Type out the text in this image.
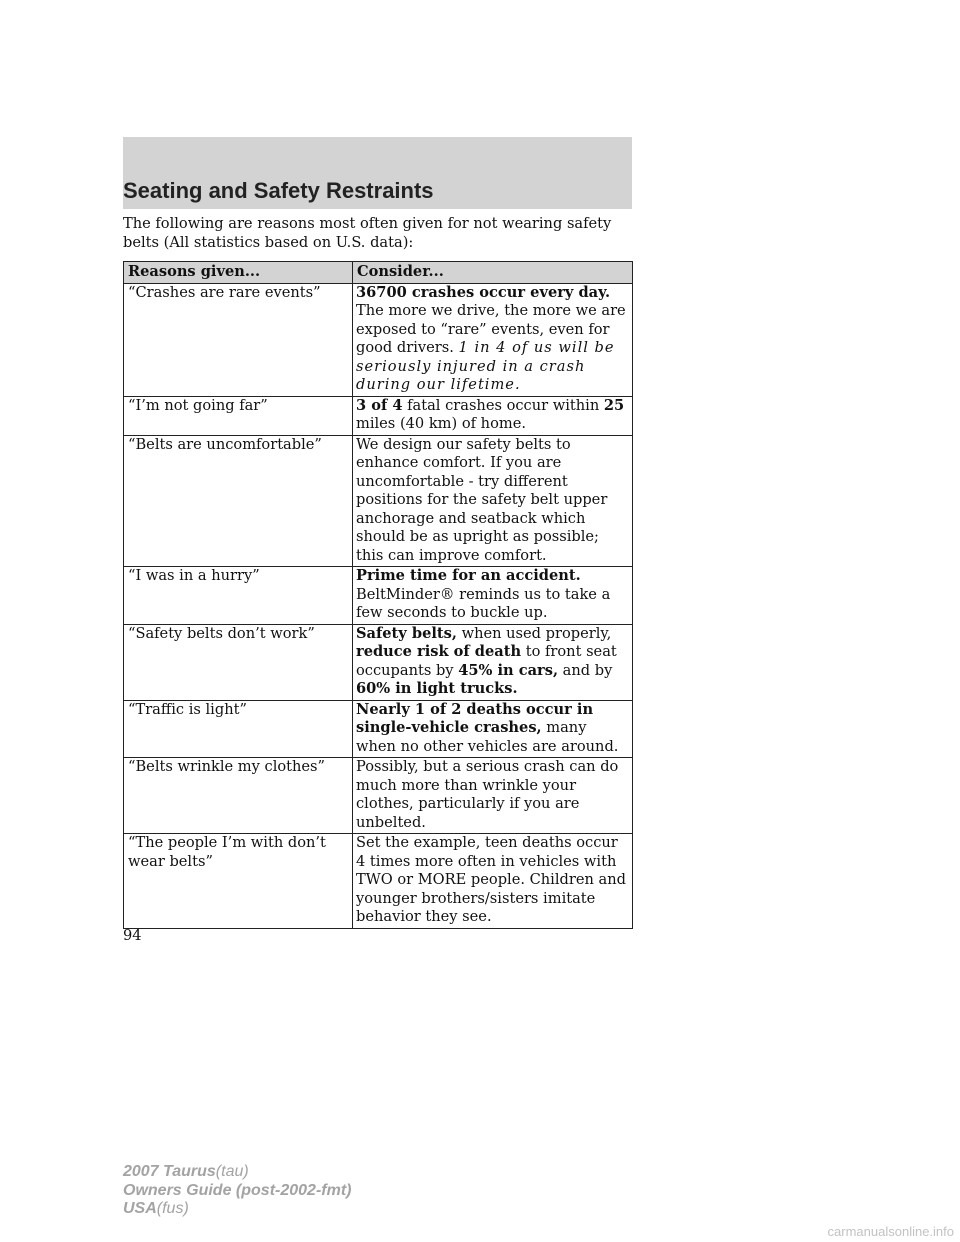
Seating and Safety Restraints

The following are reasons most often given for not wearing safety belts (All statistics based on U.S. data):

Reasons given...	Consider...
“Crashes are rare events”	36700 crashes occur every day. The more we drive, the more we are exposed to “rare” events, even for good drivers. 1 in 4 of us will be seriously injured in a crash during our lifetime.
“I’m not going far”	3 of 4 fatal crashes occur within 25 miles (40 km) of home.
“Belts are uncomfortable”	We design our safety belts to enhance comfort. If you are uncomfortable - try different positions for the safety belt upper anchorage and seatback which should be as upright as possible; this can improve comfort.
“I was in a hurry”	Prime time for an accident. BeltMinder® reminds us to take a few seconds to buckle up.
“Safety belts don’t work”	Safety belts, when used properly, reduce risk of death to front seat occupants by 45% in cars, and by 60% in light trucks.
“Traffic is light”	Nearly 1 of 2 deaths occur in single-vehicle crashes, many when no other vehicles are around.
“Belts wrinkle my clothes”	Possibly, but a serious crash can do much more than wrinkle your clothes, particularly if you are unbelted.
“The people I’m with don’t wear belts”	Set the example, teen deaths occur 4 times more often in vehicles with TWO or MORE people. Children and younger brothers/sisters imitate behavior they see.
94
2007 Taurus(tau)
Owners Guide (post-2002-fmt)
USA(fus)
carmanualsonline.info
